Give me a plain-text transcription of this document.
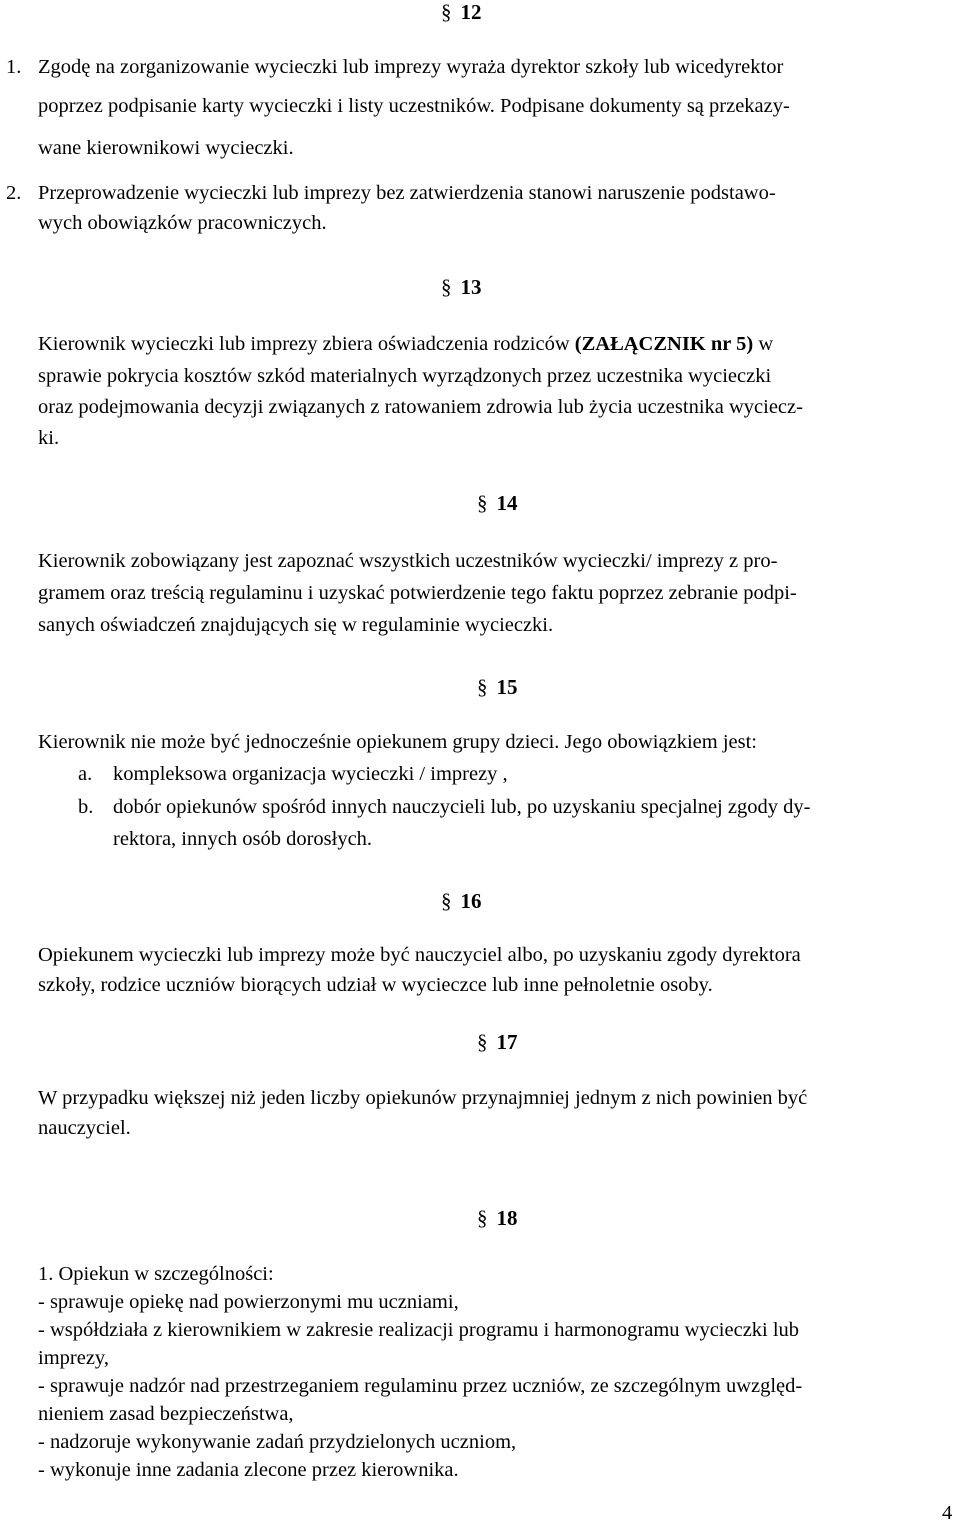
§ 12
1. Zgodę na zorganizowanie wycieczki lub imprezy wyraża dyrektor szkoły lub wicedyrektor
poprzez podpisanie karty wycieczki i listy uczestników. Podpisane dokumenty są przekazy-
wane kierownikowi wycieczki.
2. Przeprowadzenie wycieczki lub imprezy bez zatwierdzenia stanowi naruszenie podstawo-
wych obowiązków pracowniczych.
§ 13
Kierownik wycieczki lub imprezy zbiera oświadczenia rodziców (ZAŁĄCZNIK nr 5) w
sprawie pokrycia kosztów szkód materialnych wyrządzonych przez uczestnika wycieczki
oraz podejmowania decyzji związanych z ratowaniem zdrowia lub życia uczestnika wyciecz-
ki.
§ 14
Kierownik zobowiązany jest zapoznać wszystkich uczestników wycieczki/ imprezy z pro-
gramem oraz treścią regulaminu i uzyskać potwierdzenie tego faktu poprzez zebranie podpi-
sanych oświadczeń znajdujących się w regulaminie wycieczki.
§ 15
Kierownik nie może być jednocześnie opiekunem grupy dzieci. Jego obowiązkiem jest:
a. kompleksowa organizacja wycieczki / imprezy ,
b. dobór opiekunów spośród innych nauczycieli lub, po uzyskaniu specjalnej zgody dy-
rektora, innych osób dorosłych.
§ 16
Opiekunem wycieczki lub imprezy może być nauczyciel albo, po uzyskaniu zgody dyrektora
szkoły, rodzice uczniów biorących udział w wycieczce lub inne pełnoletnie osoby.
§ 17
W przypadku większej niż jeden liczby opiekunów przynajmniej jednym z nich powinien być
nauczyciel.
§ 18
1. Opiekun w szczególności:
- sprawuje opiekę nad powierzonymi mu uczniami,
- współdziała z kierownikiem w zakresie realizacji programu i harmonogramu wycieczki lub
imprezy,
- sprawuje nadzór nad przestrzeganiem regulaminu przez uczniów, ze szczególnym uwzględ-
nieniem zasad bezpieczeństwa,
- nadzoruje wykonywanie zadań przydzielonych uczniom,
- wykonuje inne zadania zlecone przez kierownika.
4
